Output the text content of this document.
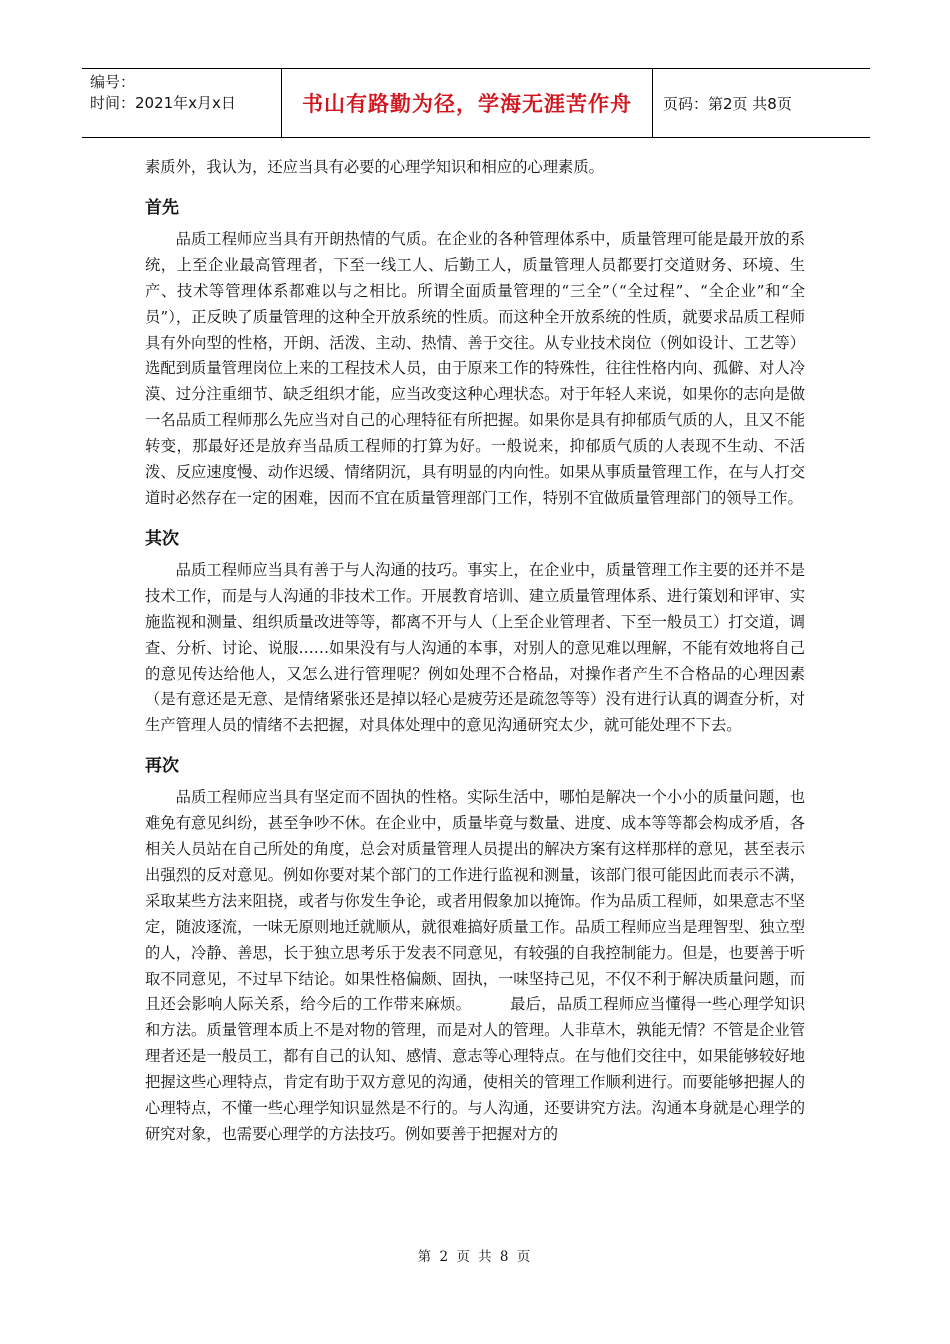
编号：
时间：2021年x月x日	书山有路勤为径，学海无涯苦作舟	页码：第2页 共8页

素质外，我认为，还应当具有必要的心理学知识和相应的心理素质。

首先

品质工程师应当具有开朗热情的气质。在企业的各种管理体系中，质量管理可能是最开放的系统，上至企业最高管理者，下至一线工人、后勤工人，质量管理人员都要打交道财务、环境、生产、技术等管理体系都难以与之相比。所谓全面质量管理的“三全”（“全过程”、“全企业”和“全员”），正反映了质量管理的这种全开放系统的性质。而这种全开放系统的性质，就要求品质工程师具有外向型的性格，开朗、活泼、主动、热情、善于交往。从专业技术岗位（例如设计、工艺等）选配到质量管理岗位上来的工程技术人员，由于原来工作的特殊性，往往性格内向、孤僻、对人冷漠、过分注重细节、缺乏组织才能，应当改变这种心理状态。对于年轻人来说，如果你的志向是做一名品质工程师那么先应当对自己的心理特征有所把握。如果你是具有抑郁质气质的人，且又不能转变，那最好还是放弃当品质工程师的打算为好。一般说来，抑郁质气质的人表现不生动、不活泼、反应速度慢、动作迟缓、情绪阴沉，具有明显的内向性。如果从事质量管理工作，在与人打交道时必然存在一定的困难，因而不宜在质量管理部门工作，特别不宜做质量管理部门的领导工作。

其次

品质工程师应当具有善于与人沟通的技巧。事实上，在企业中，质量管理工作主要的还并不是技术工作，而是与人沟通的非技术工作。开展教育培训、建立质量管理体系、进行策划和评审、实施监视和测量、组织质量改进等等，都离不开与人（上至企业管理者、下至一般员工）打交道，调查、分析、讨论、说服……如果没有与人沟通的本事，对别人的意见难以理解，不能有效地将自己的意见传达给他人，又怎么进行管理呢？例如处理不合格品，对操作者产生不合格品的心理因素（是有意还是无意、是情绪紧张还是掉以轻心是疲劳还是疏忽等等）没有进行认真的调查分析，对生产管理人员的情绪不去把握，对具体处理中的意见沟通研究太少，就可能处理不下去。

再次

品质工程师应当具有坚定而不固执的性格。实际生活中，哪怕是解决一个小小的质量问题，也难免有意见纠纷，甚至争吵不休。在企业中，质量毕竟与数量、进度、成本等等都会构成矛盾，各相关人员站在自己所处的角度，总会对质量管理人员提出的解决方案有这样那样的意见，甚至表示出强烈的反对意见。例如你要对某个部门的工作进行监视和测量，该部门很可能因此而表示不满，采取某些方法来阻挠，或者与你发生争论，或者用假象加以掩饰。作为品质工程师，如果意志不坚定，随波逐流，一味无原则地迁就顺从，就很难搞好质量工作。品质工程师应当是理智型、独立型的人，冷静、善思，长于独立思考乐于发表不同意见，有较强的自我控制能力。但是，也要善于听取不同意见，不过早下结论。如果性格偏颇、固执，一味坚持己见，不仅不利于解决质量问题，而且还会影响人际关系，给今后的工作带来麻烦。　　　最后，品质工程师应当懂得一些心理学知识和方法。质量管理本质上不是对物的管理，而是对人的管理。人非草木，孰能无情？不管是企业管理者还是一般员工，都有自己的认知、感情、意志等心理特点。在与他们交往中，如果能够较好地把握这些心理特点，肯定有助于双方意见的沟通，使相关的管理工作顺利进行。而要能够把握人的心理特点，不懂一些心理学知识显然是不行的。与人沟通，还要讲究方法。沟通本身就是心理学的研究对象，也需要心理学的方法技巧。例如要善于把握对方的

第 2 页 共 8 页
